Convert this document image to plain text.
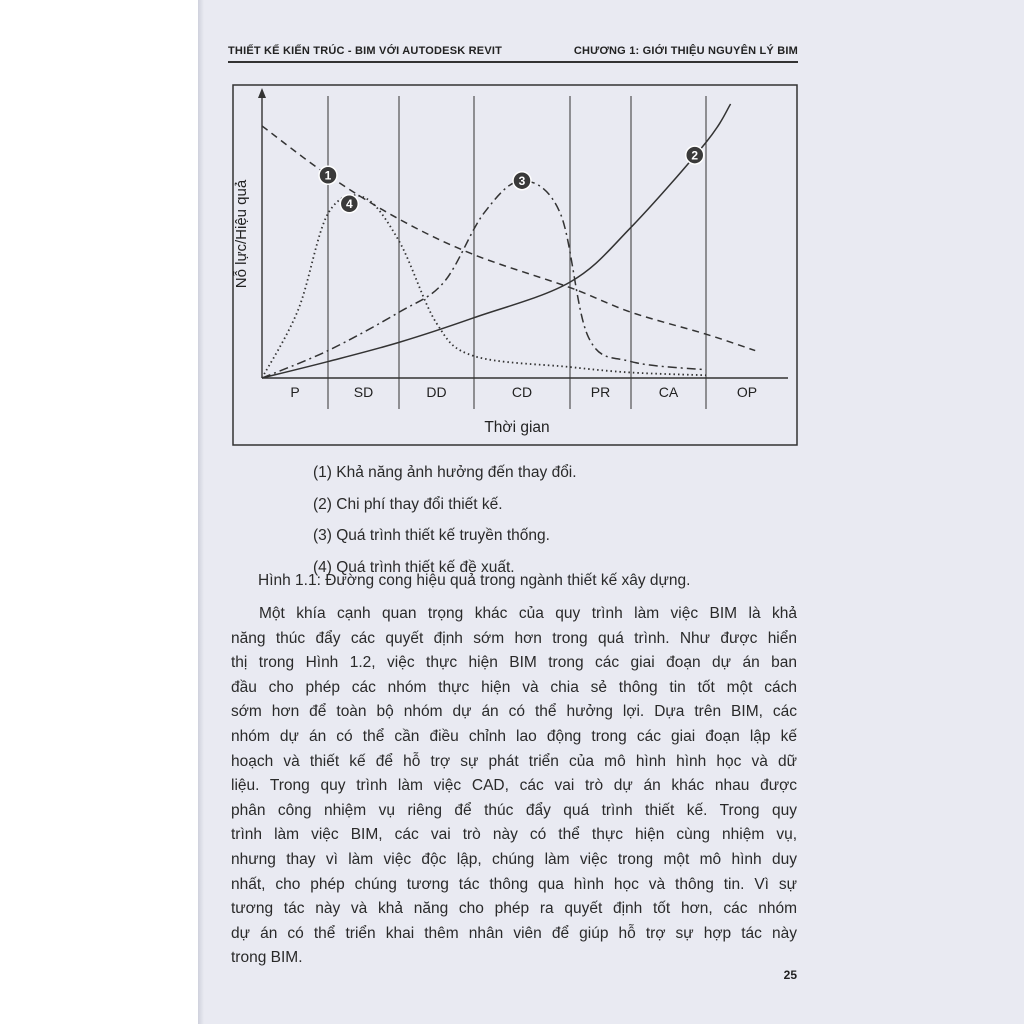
THIẾT KẾ KIẾN TRÚC - BIM VỚI AUTODESK REVIT	CHƯƠNG 1: GIỚI THIỆU NGUYÊN LÝ BIM
P	SD	DD	CD	PR	CA	OP
1
2
3
4
Nỗ lực/Hiệu quả
Thời gian
(1) Khả năng ảnh hưởng đến thay đổi.
(2) Chi phí thay đổi thiết kế.
(3) Quá trình thiết kế truyền thống.
(4) Quá trình thiết kế đề xuất.
Hình 1.1: Đường cong hiệu quả trong ngành thiết kế xây dựng.
Một khía cạnh quan trọng khác của quy trình làm việc BIM là khả
năng thúc đẩy các quyết định sớm hơn trong quá trình. Như được hiển
thị trong Hình 1.2, việc thực hiện BIM trong các giai đoạn dự án ban
đầu cho phép các nhóm thực hiện và chia sẻ thông tin tốt một cách
sớm hơn để toàn bộ nhóm dự án có thể hưởng lợi. Dựa trên BIM, các
nhóm dự án có thể cần điều chỉnh lao động trong các giai đoạn lập kế
hoạch và thiết kế để hỗ trợ sự phát triển của mô hình hình học và dữ
liệu. Trong quy trình làm việc CAD, các vai trò dự án khác nhau được
phân công nhiệm vụ riêng để thúc đẩy quá trình thiết kế. Trong quy
trình làm việc BIM, các vai trò này có thể thực hiện cùng nhiệm vụ,
nhưng thay vì làm việc độc lập, chúng làm việc trong một mô hình duy
nhất, cho phép chúng tương tác thông qua hình học và thông tin. Vì sự
tương tác này và khả năng cho phép ra quyết định tốt hơn, các nhóm
dự án có thể triển khai thêm nhân viên để giúp hỗ trợ sự hợp tác này
trong BIM.
25
